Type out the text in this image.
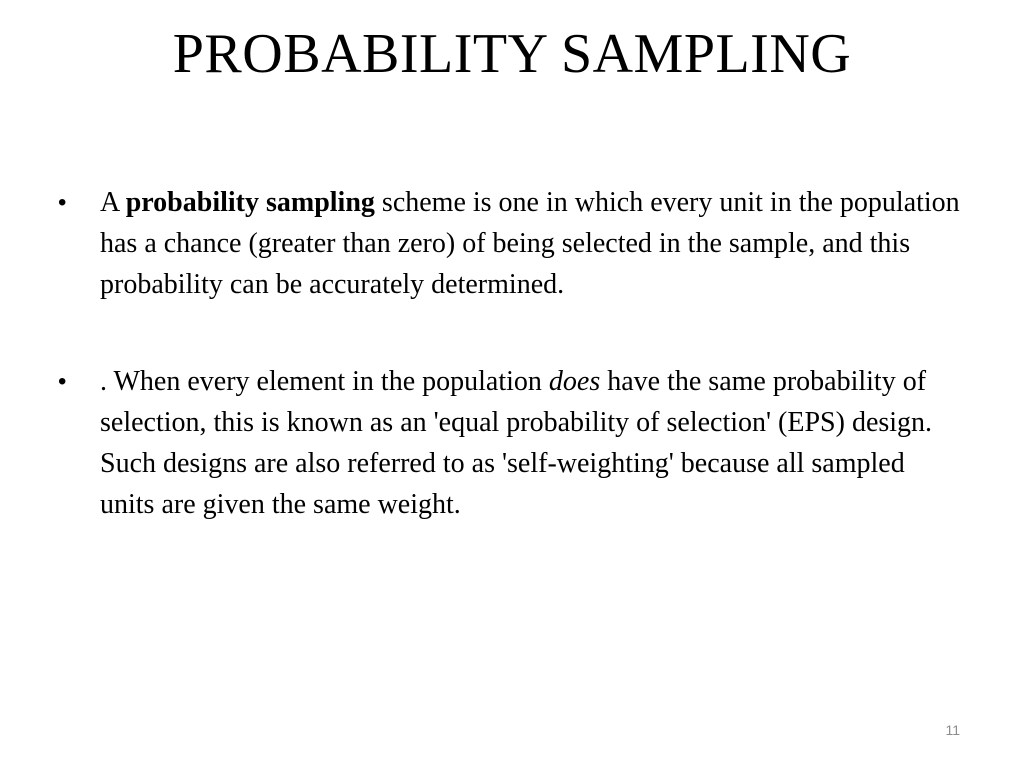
PROBABILITY SAMPLING
• A probability sampling scheme is one in which every unit in the population has a chance (greater than zero) of being selected in the sample, and this probability can be accurately determined.
• . When every element in the population does have the same probability of selection, this is known as an 'equal probability of selection' (EPS) design. Such designs are also referred to as 'self-weighting' because all sampled units are given the same weight.
11
